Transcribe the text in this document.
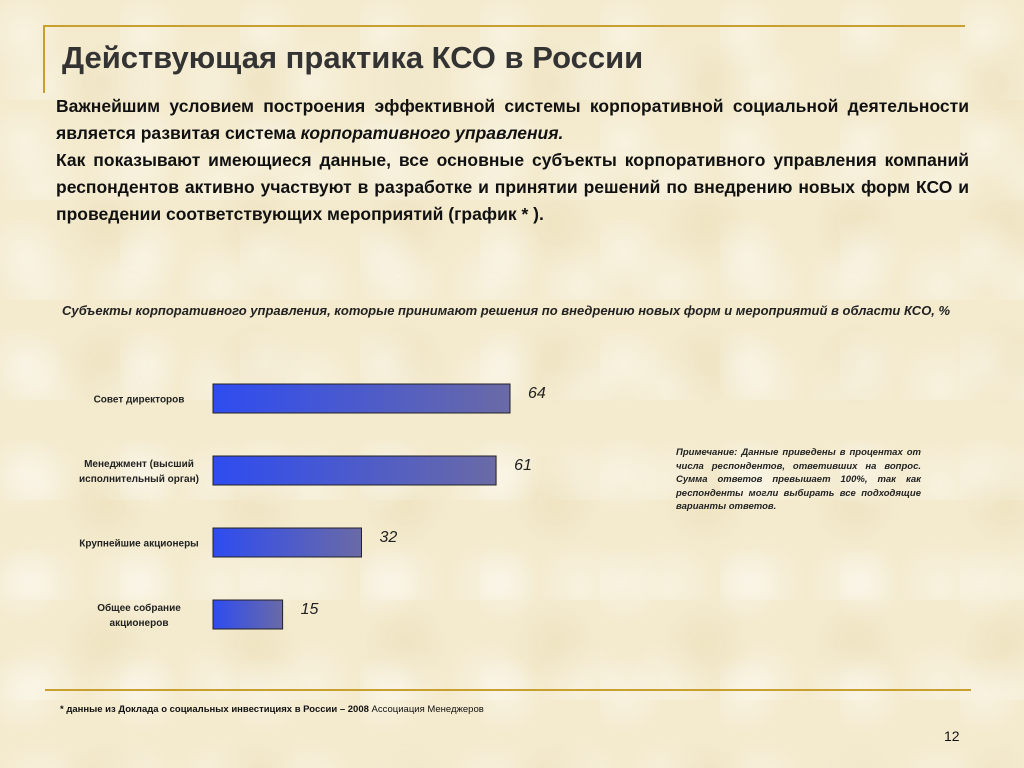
Действующая практика КСО в России

Важнейшим условием построения эффективной системы корпоративной социальной деятельности является развитая система корпоративного управления.

Как показывают имеющиеся данные, все основные субъекты корпоративного управления компаний респондентов активно участвуют в разработке и принятии решений по внедрению новых форм КСО и проведении соответствующих мероприятий (график * ).

Субъекты корпоративного управления, которые принимают решения по внедрению новых форм и мероприятий в области КСО, %
64
Совет директоров
61
Менеджмент (высший исполнительный орган)
32
Крупнейшие акционеры
15
Общее собрание акционеров
Примечание: Данные приведены в процентах от числа респондентов, ответивших на вопрос. Сумма ответов превышает 100%, так как респонденты могли выбирать все подходящие варианты ответов.
* данные из Доклада о социальных инвестициях в России – 2008 Ассоциация Менеджеров
12
